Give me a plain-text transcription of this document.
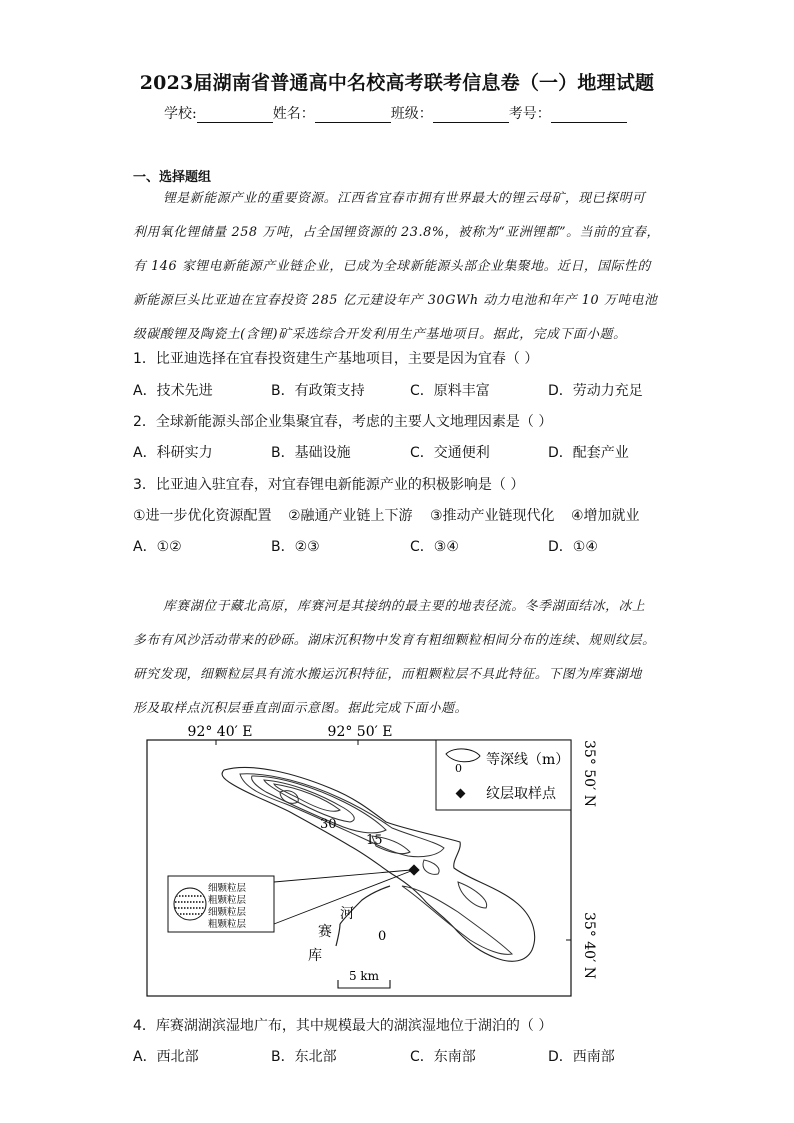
2023届湖南省普通高中名校高考联考信息卷（一）地理试题
学校:	姓名：	班级：	考号：
一、选择题组

锂是新能源产业的重要资源。江西省宜春市拥有世界最大的锂云母矿，现已探明可

利用氧化锂储量 258 万吨，占全国锂资源的 23.8%，被称为“亚洲锂都”。当前的宜春，

有 146 家锂电新能源产业链企业，已成为全球新能源头部企业集聚地。近日，国际性的

新能源巨头比亚迪在宜春投资 285 亿元建设年产 30GWh 动力电池和年产 10 万吨电池

级碳酸锂及陶瓷土(含锂)矿采选综合开发利用生产基地项目。据此，完成下面小题。

1．比亚迪选择在宜春投资建生产基地项目，主要是因为宜春（ ）
A．技术先进	B．有政策支持	C．原料丰富	D．劳动力充足
2．全球新能源头部企业集聚宜春，考虑的主要人文地理因素是（ ）
A．科研实力	B．基础设施	C．交通便利	D．配套产业
3．比亚迪入驻宜春，对宜春锂电新能源产业的积极影响是（ ）
①进一步优化资源配置 ②融通产业链上下游 ③推动产业链现代化 ④增加就业
A．①②	B．②③	C．③④	D．①④

库赛湖位于藏北高原，库赛河是其接纳的最主要的地表径流。冬季湖面结冰，冰上

多布有风沙活动带来的砂砾。湖床沉积物中发育有粗细颗粒相间分布的连续、规则纹层。

研究发现，细颗粒层具有流水搬运沉积特征，而粗颗粒层不具此特征。下图为库赛湖地

形及取样点沉积层垂直剖面示意图。据此完成下面小题。

92° 40′ E	92° 50′ E
35° 50′ N
35° 40′ N
30
15
0
河
赛
库
细颗粒层
粗颗粒层
细颗粒层
粗颗粒层
0
等深线（m）
纹层取样点
5 km
4．库赛湖湖滨湿地广布，其中规模最大的湖滨湿地位于湖泊的（ ）
A．西北部	B．东北部	C．东南部	D．西南部
